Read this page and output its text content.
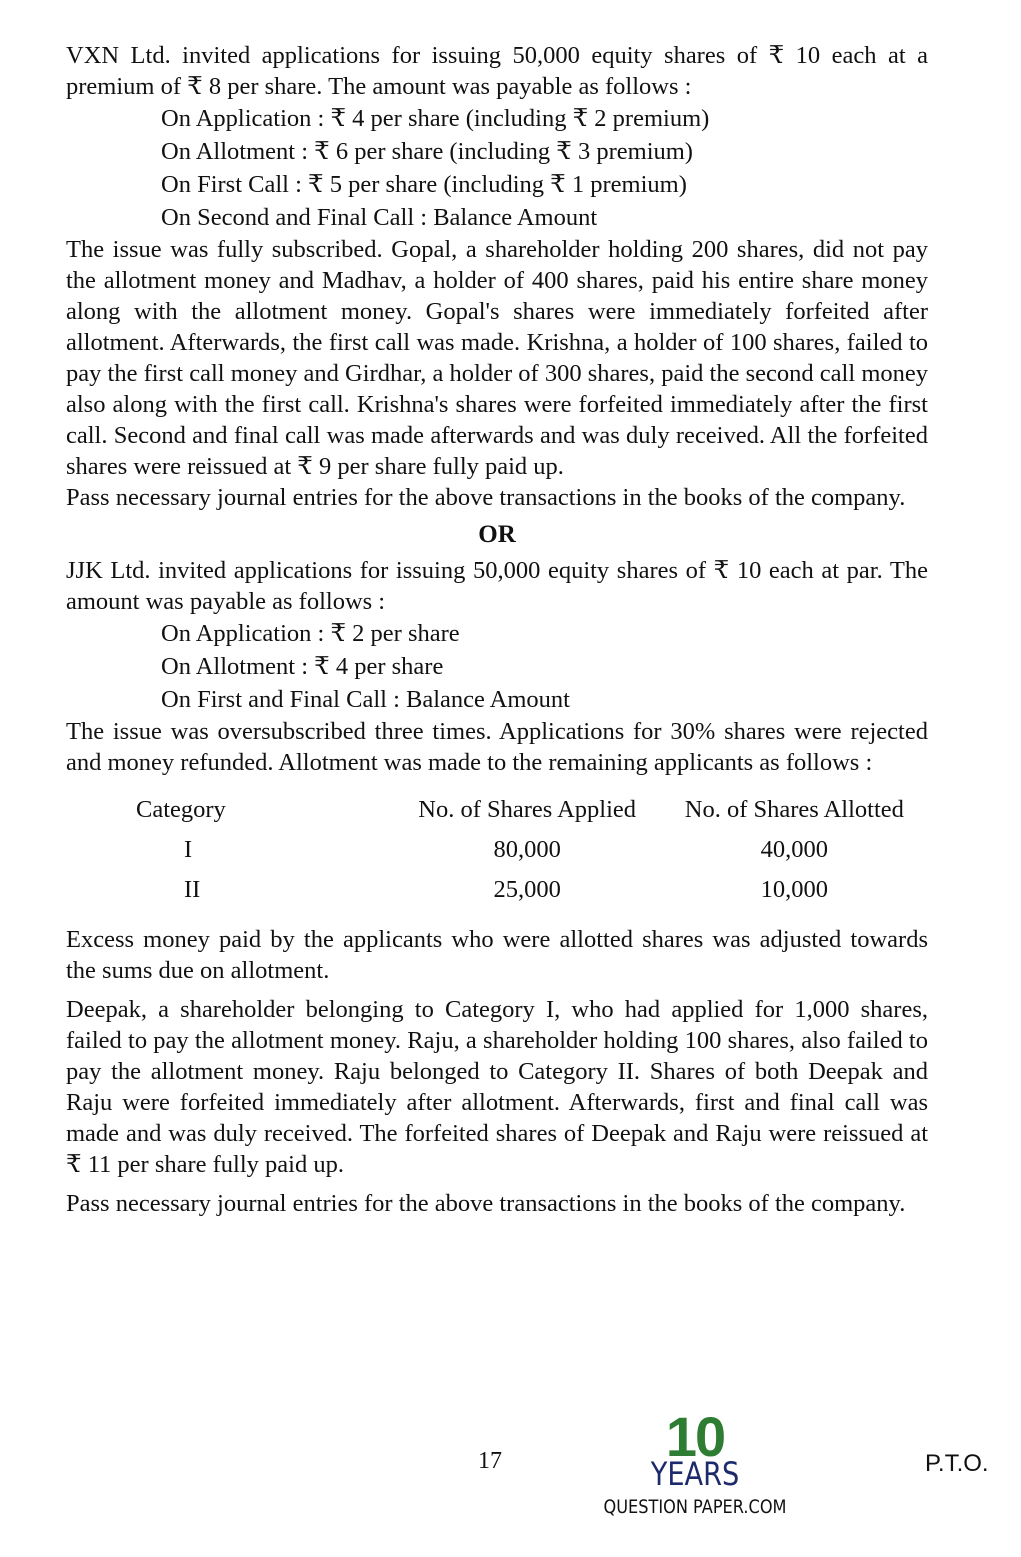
VXN Ltd. invited applications for issuing 50,000 equity shares of ₹ 10 each at a premium of ₹ 8 per share. The amount was payable as follows :

On Application : ₹ 4 per share (including ₹ 2 premium)
On Allotment : ₹ 6 per share (including ₹ 3 premium)
On First Call : ₹ 5 per share (including ₹ 1 premium)
On Second and Final Call : Balance Amount

The issue was fully subscribed. Gopal, a shareholder holding 200 shares, did not pay the allotment money and Madhav, a holder of 400 shares, paid his entire share money along with the allotment money. Gopal's shares were immediately forfeited after allotment. Afterwards, the first call was made. Krishna, a holder of 100 shares, failed to pay the first call money and Girdhar, a holder of 300 shares, paid the second call money also along with the first call. Krishna's shares were forfeited immediately after the first call. Second and final call was made afterwards and was duly received. All the forfeited shares were reissued at ₹ 9 per share fully paid up.

Pass necessary journal entries for the above transactions in the books of the company.

OR

JJK Ltd. invited applications for issuing 50,000 equity shares of ₹ 10 each at par. The amount was payable as follows :

On Application : ₹ 2 per share
On Allotment : ₹ 4 per share
On First and Final Call : Balance Amount

The issue was oversubscribed three times. Applications for 30% shares were rejected and money refunded. Allotment was made to the remaining applicants as follows :

Category	No. of Shares Applied	No. of Shares Allotted
I	80,000	40,000
II	25,000	10,000

Excess money paid by the applicants who were allotted shares was adjusted towards the sums due on allotment.

Deepak, a shareholder belonging to Category I, who had applied for 1,000 shares, failed to pay the allotment money. Raju, a shareholder holding 100 shares, also failed to pay the allotment money. Raju belonged to Category II. Shares of both Deepak and Raju were forfeited immediately after allotment. Afterwards, first and final call was made and was duly received. The forfeited shares of Deepak and Raju were reissued at ₹ 11 per share fully paid up.

Pass necessary journal entries for the above transactions in the books of the company.

17	10
YEARS
QUESTION PAPER.COM
P.T.O.
